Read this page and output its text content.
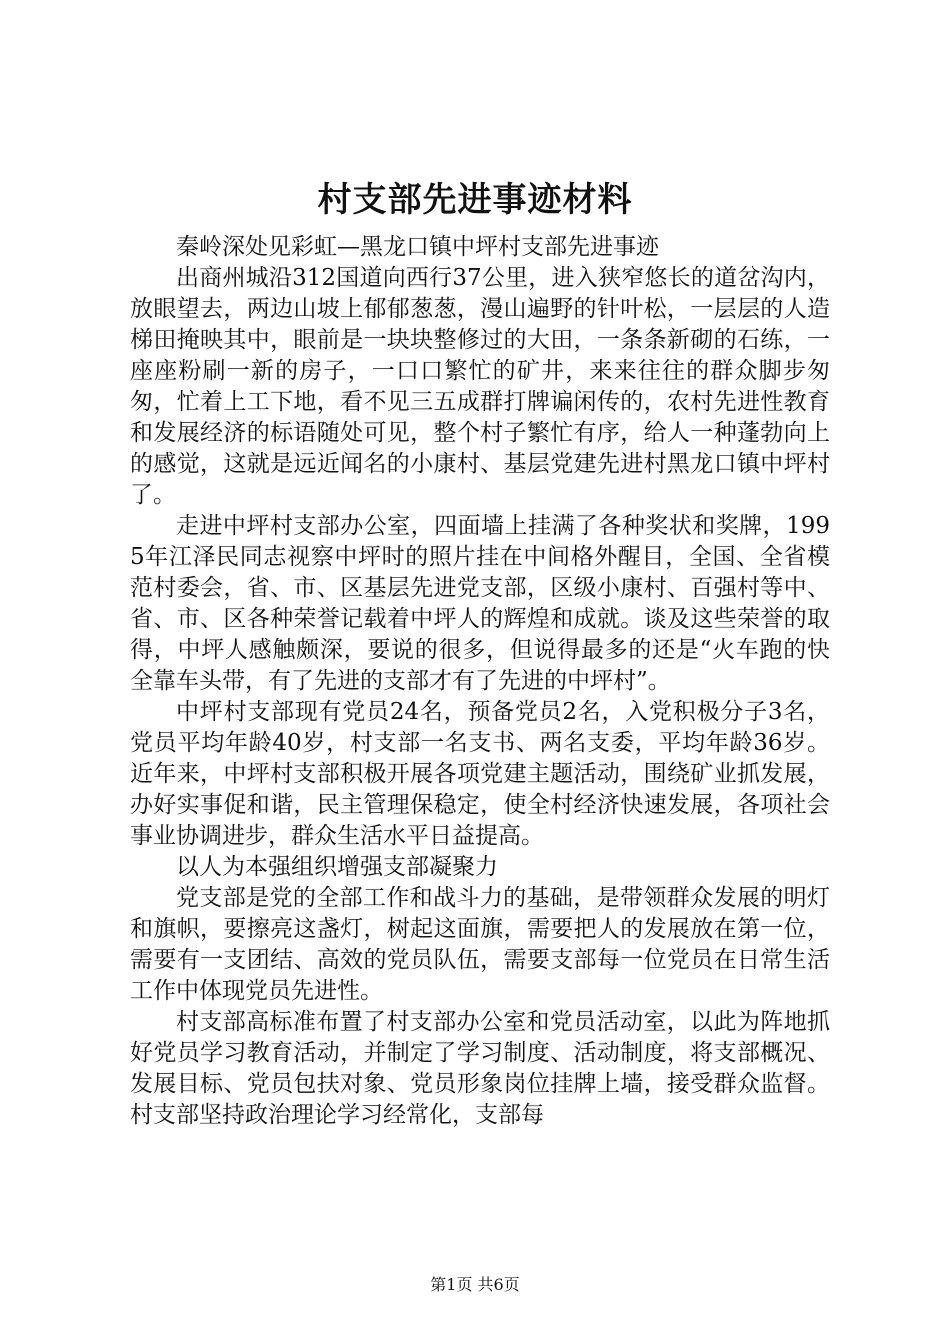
村支部先进事迹材料

秦岭深处见彩虹—黑龙口镇中坪村支部先进事迹

出商州城沿312国道向西行37公里，进入狭窄悠长的道岔沟内，放眼望去，两边山坡上郁郁葱葱，漫山遍野的针叶松，一层层的人造梯田掩映其中，眼前是一块块整修过的大田，一条条新砌的石练，一座座粉刷一新的房子，一口口繁忙的矿井，来来往往的群众脚步匆匆，忙着上工下地，看不见三五成群打牌谝闲传的，农村先进性教育和发展经济的标语随处可见，整个村子繁忙有序，给人一种蓬勃向上的感觉，这就是远近闻名的小康村、基层党建先进村黑龙口镇中坪村了。

走进中坪村支部办公室，四面墙上挂满了各种奖状和奖牌，1995年江泽民同志视察中坪时的照片挂在中间格外醒目，全国、全省模范村委会，省、市、区基层先进党支部，区级小康村、百强村等中、省、市、区各种荣誉记载着中坪人的辉煌和成就。谈及这些荣誉的取得，中坪人感触颇深，要说的很多，但说得最多的还是“火车跑的快全靠车头带，有了先进的支部才有了先进的中坪村”。

中坪村支部现有党员24名，预备党员2名，入党积极分子3名，党员平均年龄40岁，村支部一名支书、两名支委，平均年龄36岁。近年来，中坪村支部积极开展各项党建主题活动，围绕矿业抓发展，办好实事促和谐，民主管理保稳定，使全村经济快速发展，各项社会事业协调进步，群众生活水平日益提高。

以人为本强组织增强支部凝聚力

党支部是党的全部工作和战斗力的基础，是带领群众发展的明灯和旗帜，要擦亮这盏灯，树起这面旗，需要把人的发展放在第一位，需要有一支团结、高效的党员队伍，需要支部每一位党员在日常生活工作中体现党员先进性。

村支部高标准布置了村支部办公室和党员活动室，以此为阵地抓好党员学习教育活动，并制定了学习制度、活动制度，将支部概况、发展目标、党员包扶对象、党员形象岗位挂牌上墙，接受群众监督。村支部坚持政治理论学习经常化，支部每

第1页 共6页
